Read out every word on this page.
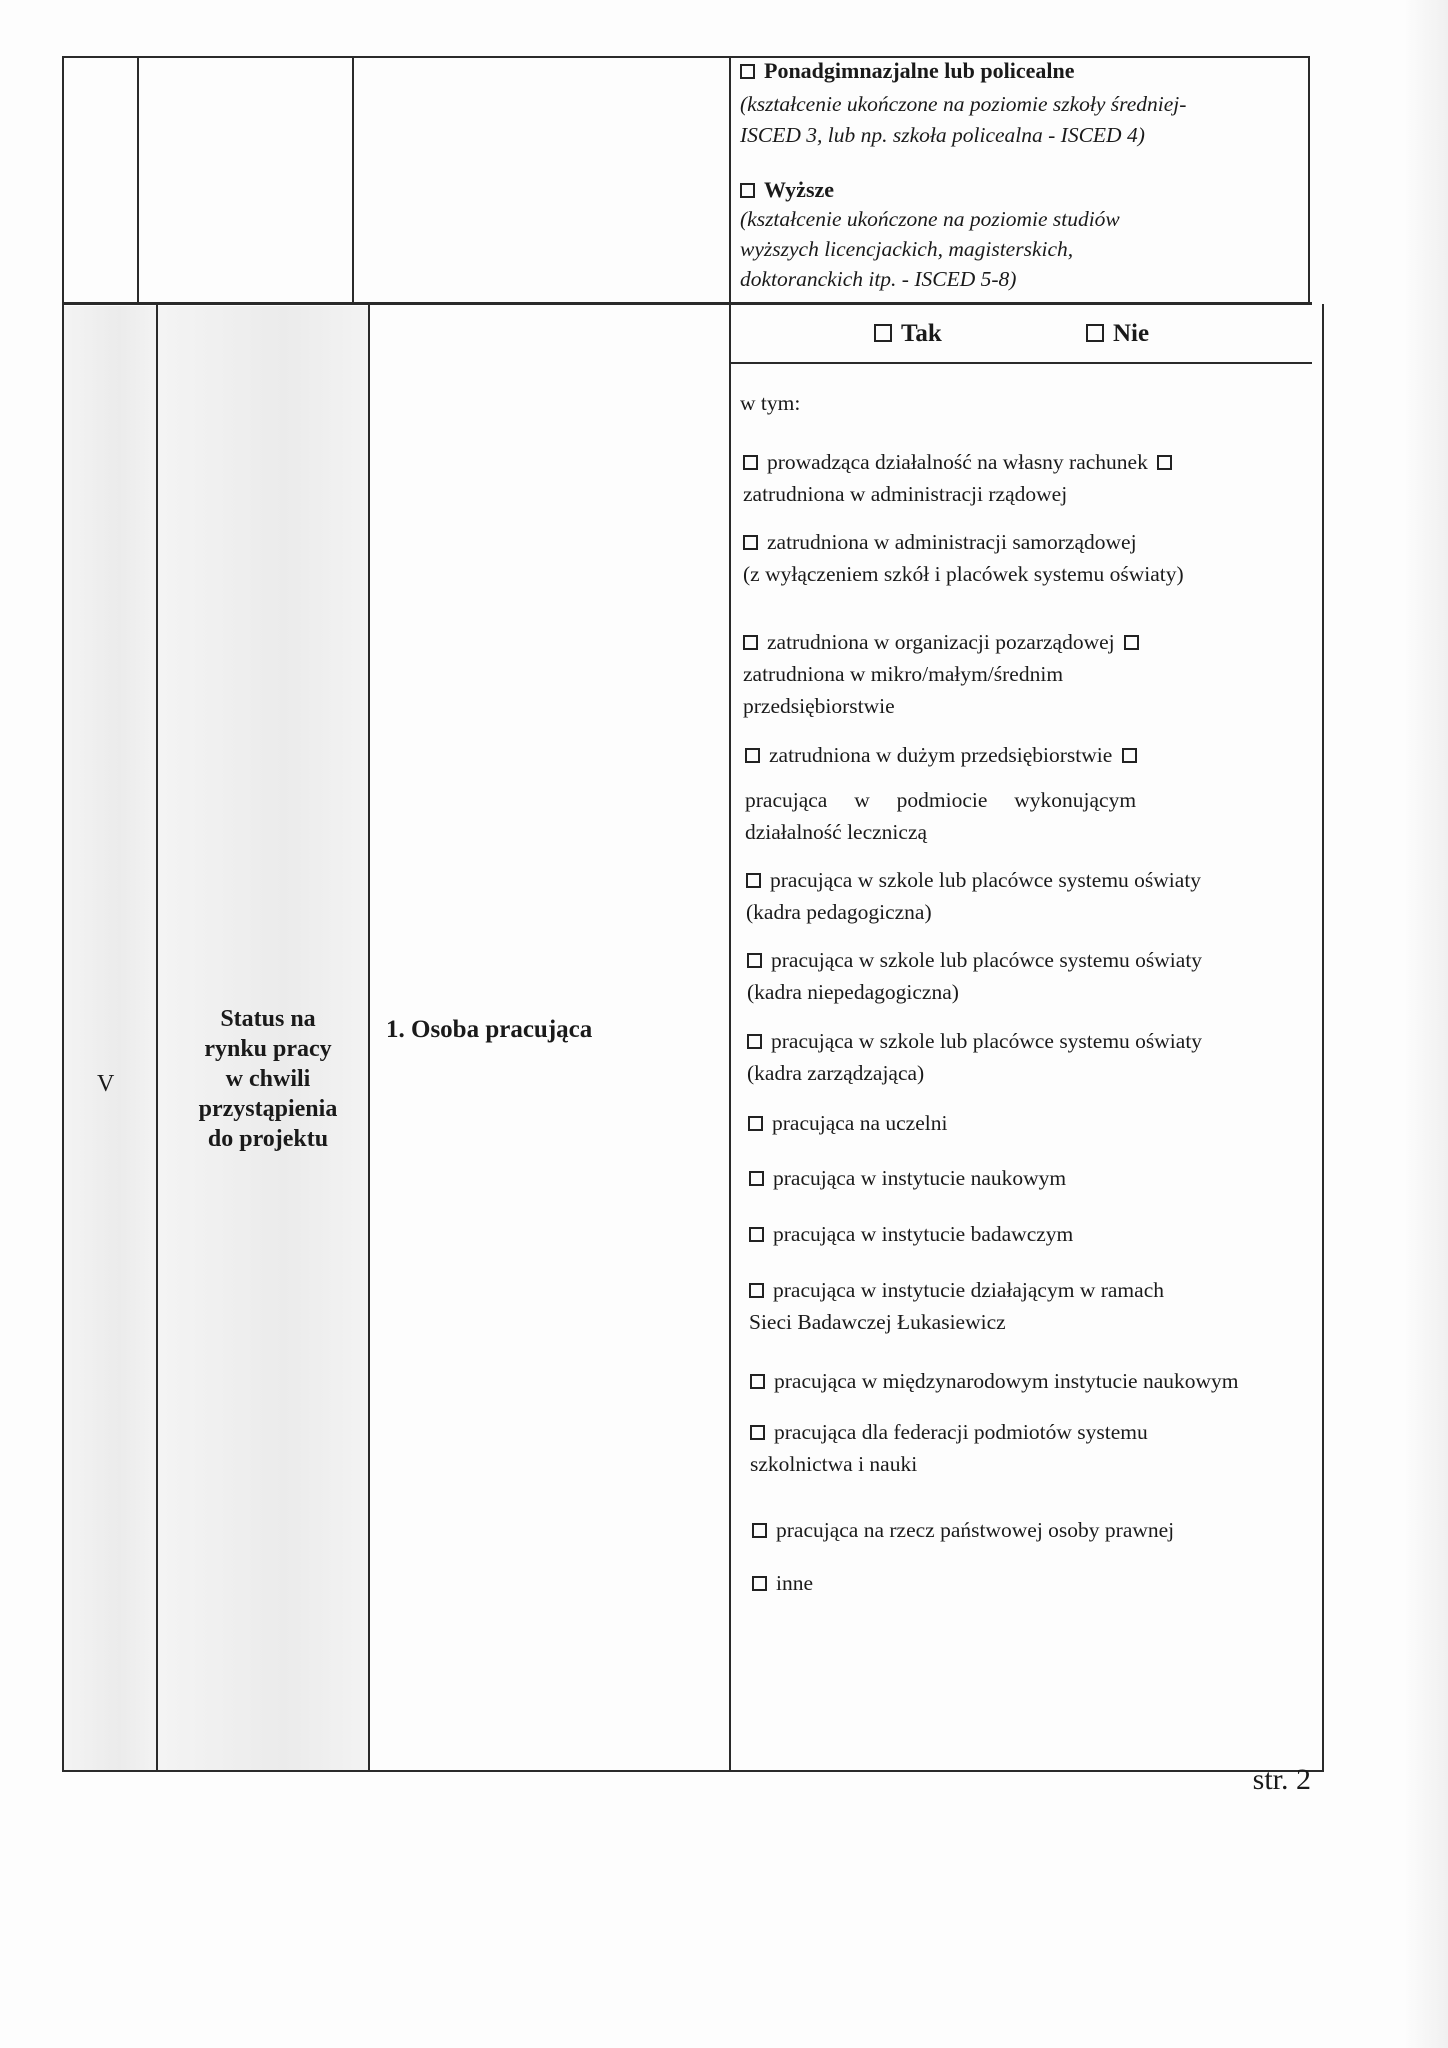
Ponadgimnazjalne lub policealne
(kształcenie ukończone na poziomie szkoły średniej-
ISCED 3, lub np. szkoła policealna - ISCED 4)
Wyższe
(kształcenie ukończone na poziomie studiów
wyższych licencjackich, magisterskich,
doktoranckich itp. - ISCED 5-8)
V
Status na
rynku pracy
w chwili
przystąpienia
do projektu
1. Osoba pracująca
Tak	Nie
w tym:
prowadząca działalność na własny rachunek
zatrudniona w administracji rządowej
zatrudniona w administracji samorządowej
(z wyłączeniem szkół i placówek systemu oświaty)
zatrudniona w organizacji pozarządowej
zatrudniona w mikro/małym/średnim
przedsiębiorstwie
zatrudniona w dużym przedsiębiorstwie
pracująca     w     podmiocie     wykonującym
działalność leczniczą
pracująca w szkole lub placówce systemu oświaty
(kadra pedagogiczna)
pracująca w szkole lub placówce systemu oświaty
(kadra niepedagogiczna)
pracująca w szkole lub placówce systemu oświaty
(kadra zarządzająca)
pracująca na uczelni
pracująca w instytucie naukowym
pracująca w instytucie badawczym
pracująca w instytucie działającym w ramach
Sieci Badawczej Łukasiewicz
pracująca w międzynarodowym instytucie naukowym
pracująca dla federacji podmiotów systemu
szkolnictwa i nauki
pracująca na rzecz państwowej osoby prawnej
inne
str. 2
